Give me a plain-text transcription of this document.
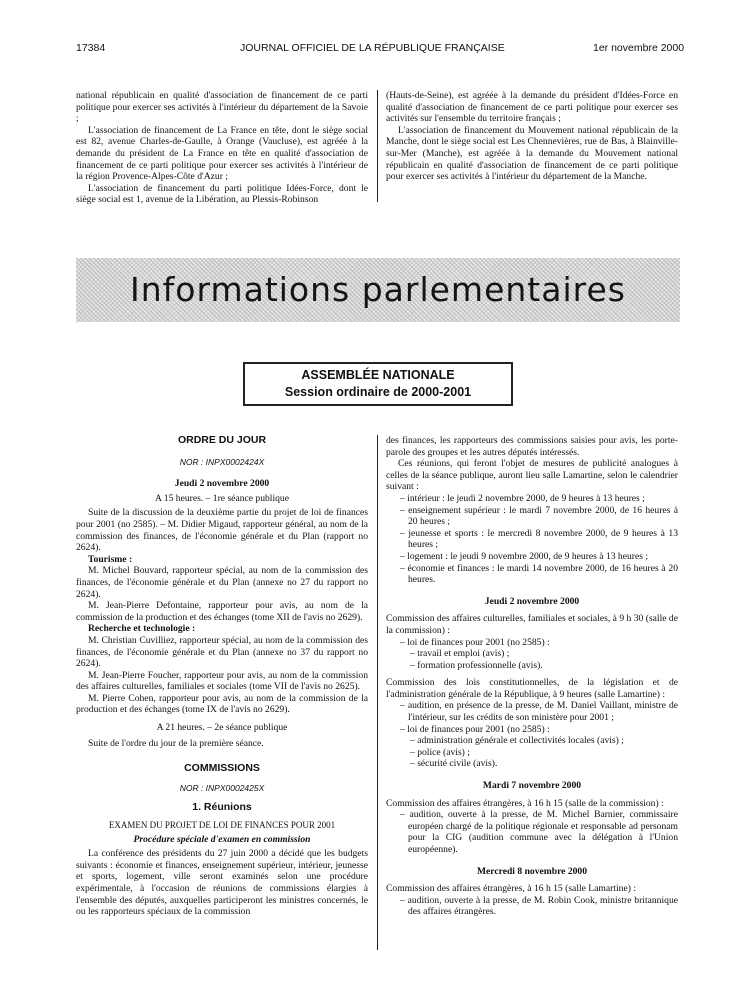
17384	JOURNAL OFFICIEL DE LA RÉPUBLIQUE FRANÇAISE	1er novembre 2000

national républicain en qualité d'association de financement de ce parti politique pour exercer ses activités à l'intérieur du département de la Savoie ;

L'association de financement de La France en tête, dont le siège social est 82, avenue Charles-de-Gaulle, à Orange (Vaucluse), est agréée à la demande du président de La France en tête en qualité d'association de financement de ce parti politique pour exercer ses activités à l'intérieur de la région Provence-Alpes-Côte d'Azur ;

L'association de financement du parti politique Idées-Force, dont le siège social est 1, avenue de la Libération, au Plessis-Robinson

(Hauts-de-Seine), est agréée à la demande du président d'Idées-Force en qualité d'association de financement de ce parti politique pour exercer ses activités sur l'ensemble du territoire français ;

L'association de financement du Mouvement national républicain de la Manche, dont le siège social est Les Chennevières, rue de Bas, à Blainville-sur-Mer (Manche), est agréée à la demande du Mouvement national républicain en qualité d'association de financement de ce parti politique pour exercer ses activités à l'intérieur du département de la Manche.

Informations parlementaires
ASSEMBLÉE NATIONALE
Session ordinaire de 2000-2001

ORDRE DU JOUR

NOR : INPX0002424X

Jeudi 2 novembre 2000

A 15 heures. – 1re séance publique

Suite de la discussion de la deuxième partie du projet de loi de finances pour 2001 (no 2585). – M. Didier Migaud, rapporteur général, au nom de la commission des finances, de l'économie générale et du Plan (rapport no 2624).

Tourisme :

M. Michel Bouvard, rapporteur spécial, au nom de la commission des finances, de l'économie générale et du Plan (annexe no 27 du rapport no 2624).

M. Jean-Pierre Defontaine, rapporteur pour avis, au nom de la commission de la production et des échanges (tome XII de l'avis no 2629).

Recherche et technologie :

M. Christian Cuvilliez, rapporteur spécial, au nom de la commission des finances, de l'économie générale et du Plan (annexe no 37 du rapport no 2624).

M. Jean-Pierre Foucher, rapporteur pour avis, au nom de la commission des affaires culturelles, familiales et sociales (tome VII de l'avis no 2625).

M. Pierre Cohen, rapporteur pour avis, au nom de la commission de la production et des échanges (tome IX de l'avis no 2629).

A 21 heures. – 2e séance publique

Suite de l'ordre du jour de la première séance.

COMMISSIONS

NOR : INPX0002425X

1. Réunions

EXAMEN DU PROJET DE LOI DE FINANCES POUR 2001

Procédure spéciale d'examen en commission

La conférence des présidents du 27 juin 2000 a décidé que les budgets suivants : économie et finances, enseignement supérieur, intérieur, jeunesse et sports, logement, ville seront examinés selon une procédure expérimentale, à l'occasion de réunions de commissions élargies à l'ensemble des députés, auxquelles participeront les ministres concernés, le ou les rapporteurs spéciaux de la commission

des finances, les rapporteurs des commissions saisies pour avis, les porte-parole des groupes et les autres députés intéressés.

Ces réunions, qui feront l'objet de mesures de publicité analogues à celles de la séance publique, auront lieu salle Lamartine, selon le calendrier suivant :

– intérieur : le jeudi 2 novembre 2000, de 9 heures à 13 heures ;

– enseignement supérieur : le mardi 7 novembre 2000, de 16 heures à 20 heures ;

– jeunesse et sports : le mercredi 8 novembre 2000, de 9 heures à 13 heures ;

– logement : le jeudi 9 novembre 2000, de 9 heures à 13 heures ;

– économie et finances : le mardi 14 novembre 2000, de 16 heures à 20 heures.

Jeudi 2 novembre 2000

Commission des affaires culturelles, familiales et sociales, à 9 h 30 (salle de la commission) :

– loi de finances pour 2001 (no 2585) :

– travail et emploi (avis) ;

– formation professionnelle (avis).

Commission des lois constitutionnelles, de la législation et de l'administration générale de la République, à 9 heures (salle Lamartine) :

– audition, en présence de la presse, de M. Daniel Vaillant, ministre de l'intérieur, sur les crédits de son ministère pour 2001 ;

– loi de finances pour 2001 (no 2585) :

– administration générale et collectivités locales (avis) ;

– police (avis) ;

– sécurité civile (avis).

Mardi 7 novembre 2000

Commission des affaires étrangères, à 16 h 15 (salle de la commission) :

– audition, ouverte à la presse, de M. Michel Barnier, commissaire européen chargé de la politique régionale et responsable ad personam pour la CIG (audition commune avec la délégation à l'Union européenne).

Mercredi 8 novembre 2000

Commission des affaires étrangères, à 16 h 15 (salle Lamartine) :

– audition, ouverte à la presse, de M. Robin Cook, ministre britannique des affaires étrangères.
